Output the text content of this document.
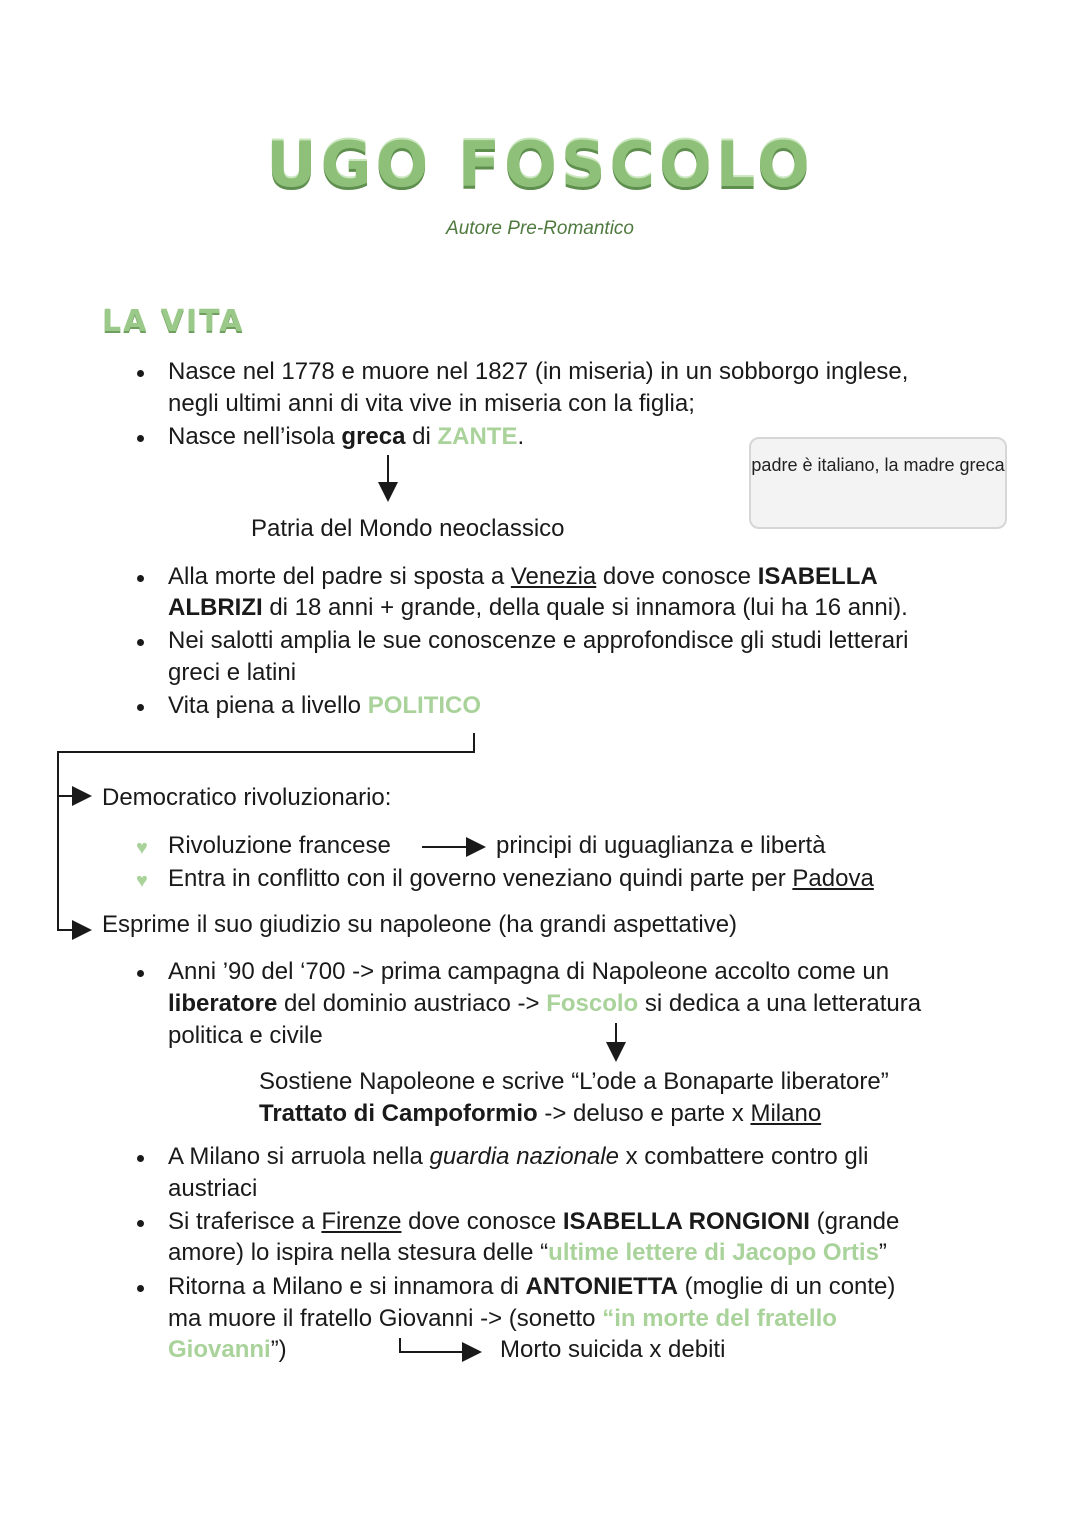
UGO FOSCOLO
Autore Pre-Romantico
LA VITA
Nasce nel 1778 e muore nel 1827 (in miseria) in un sobborgo inglese,
negli ultimi anni di vita vive in miseria con la figlia;
Nasce nell’isola greca di ZANTE.
Patria del Mondo neoclassico
padre è italiano, la madre greca
Alla morte del padre si sposta a Venezia dove conosce ISABELLA
ALBRIZI di 18 anni + grande, della quale si innamora (lui ha 16 anni).
Nei salotti amplia le sue conoscenze e approfondisce gli studi letterari
greci e latini
Vita piena a livello POLITICO
Democratico rivoluzionario:
♥ Rivoluzione francese	principi di uguaglianza e libertà
♥ Entra in conflitto con il governo veneziano quindi parte per Padova
Esprime il suo giudizio su napoleone (ha grandi aspettative)
Anni ’90 del ‘700 -> prima campagna di Napoleone accolto come un
liberatore del dominio austriaco -> Foscolo si dedica a una letteratura
politica e civile
Sostiene Napoleone e scrive “L’ode a Bonaparte liberatore”
Trattato di Campoformio -> deluso e parte x Milano
A Milano si arruola nella guardia nazionale x combattere contro gli
austriaci
Si traferisce a Firenze dove conosce ISABELLA RONGIONI (grande
amore) lo ispira nella stesura delle “ultime lettere di Jacopo Ortis”
Ritorna a Milano e si innamora di ANTONIETTA (moglie di un conte)
ma muore il fratello Giovanni -> (sonetto “in morte del fratello
Giovanni”)	Morto suicida x debiti
